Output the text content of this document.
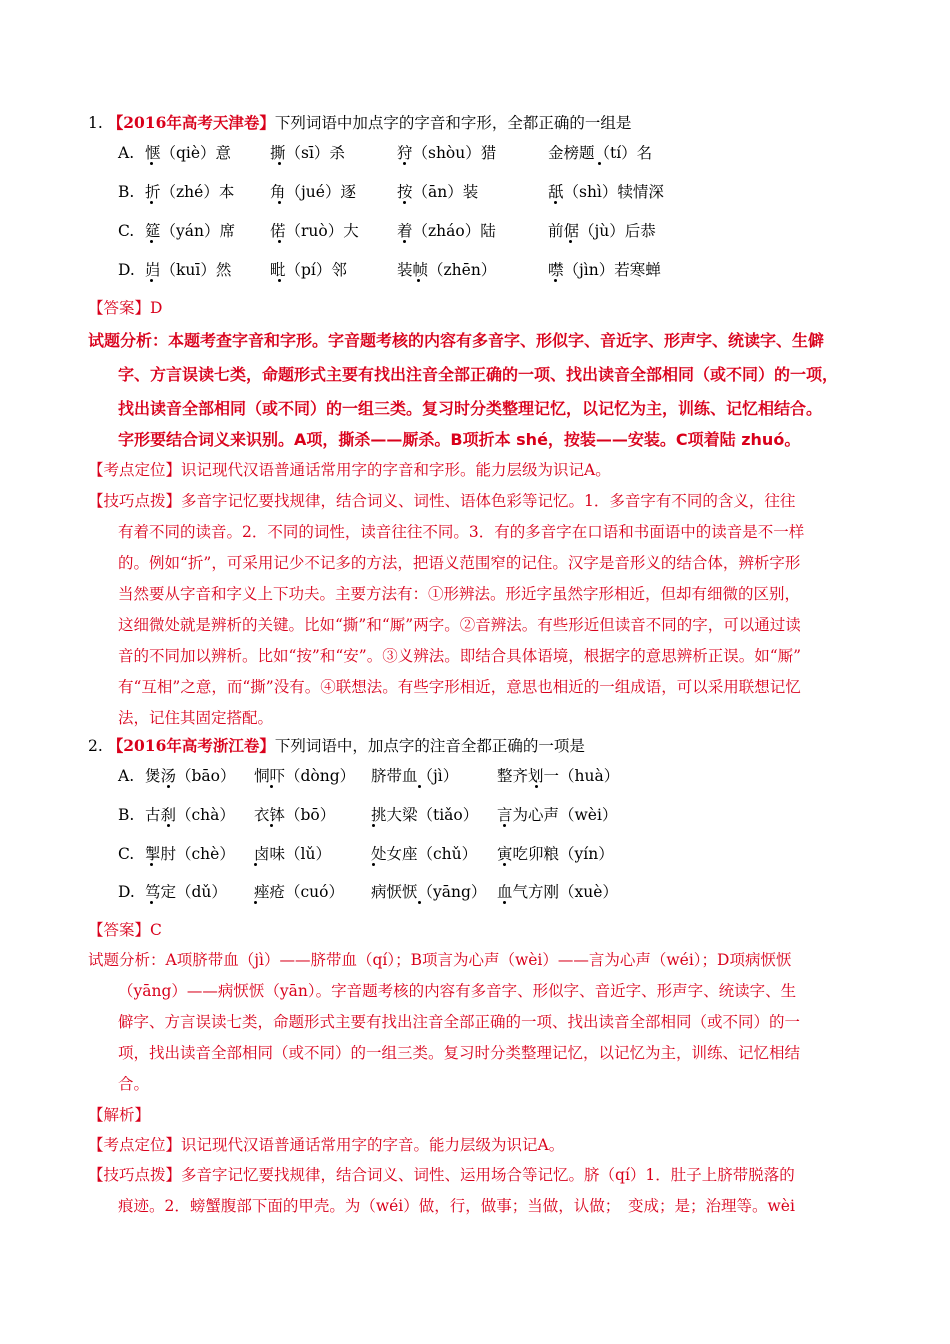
1. 【2016年高考天津卷】下列词语中加点字的字音和字形，全都正确的一组是
A. 惬（qiè）意	撕（sī）杀	狩（shòu）猎	金榜题（tí）名
B. 折（zhé）本 角（jué）逐	按（ān）装	舐（shì）犊情深
C. 筵（yán）席 偌（ruò）大 着（zháo）陆	前倨（jù）后恭
D. 岿（kuī）然 毗（pí）邻	装帧（zhēn）	噤（jìn）若寒蝉
【答案】D
试题分析：本题考查字音和字形。字音题考核的内容有多音字、形似字、音近字、形声字、统读字、生僻
字、方言误读七类，命题形式主要有找出注音全部正确的一项、找出读音全部相同（或不同）的一项，
找出读音全部相同（或不同）的一组三类。复习时分类整理记忆，以记忆为主，训练、记忆相结合。
字形要结合词义来识别。A项，撕杀——厮杀。B项折本 shé，按装——安装。C项着陆 zhuó。
【考点定位】识记现代汉语普通话常用字的字音和字形。能力层级为识记A。
【技巧点拨】多音字记忆要找规律，结合词义、词性、语体色彩等记忆。1．多音字有不同的含义，往往
有着不同的读音。2．不同的词性，读音往往不同。3．有的多音字在口语和书面语中的读音是不一样
的。例如“折”，可采用记少不记多的方法，把语义范围窄的记住。汉字是音形义的结合体，辨析字形
当然要从字音和字义上下功夫。主要方法有：①形辨法。形近字虽然字形相近，但却有细微的区别，
这细微处就是辨析的关键。比如“撕”和“厮”两字。②音辨法。有些形近但读音不同的字，可以通过读
音的不同加以辨析。比如“按”和“安”。③义辨法。即结合具体语境，根据字的意思辨析正误。如“厮”
有“互相”之意，而“撕”没有。④联想法。有些字形相近，意思也相近的一组成语，可以采用联想记忆
法，记住其固定搭配。
2. 【2016年高考浙江卷】下列词语中，加点字的注音全都正确的一项是
A. 煲汤（bāo） 恫吓（dòng） 脐带血（jì） 整齐划一（huà）
B. 古刹（chà） 衣钵（bō） 挑大梁（tiǎo） 言为心声（wèi）
C. 掣肘（chè） 卤味（lǔ）	处女座（chǔ） 寅吃卯粮（yín）
D. 笃定（dǔ） 痤疮（cuó） 病恹恹（yāng） 血气方刚（xuè）
【答案】C
试题分析：A项脐带血（jì）——脐带血（qí）；B项言为心声（wèi）——言为心声（wéi）；D项病恹恹
（yāng）——病恹恹（yān）。字音题考核的内容有多音字、形似字、音近字、形声字、统读字、生
僻字、方言误读七类，命题形式主要有找出注音全部正确的一项、找出读音全部相同（或不同）的一
项，找出读音全部相同（或不同）的一组三类。复习时分类整理记忆，以记忆为主，训练、记忆相结
合。
【解析】
【考点定位】识记现代汉语普通话常用字的字音。能力层级为识记A。
【技巧点拨】多音字记忆要找规律，结合词义、词性、运用场合等记忆。脐（qí）1．肚子上脐带脱落的
痕迹。2．螃蟹腹部下面的甲壳。为（wéi）做，行，做事；当做，认做；　变成；是；治理等。wèi
